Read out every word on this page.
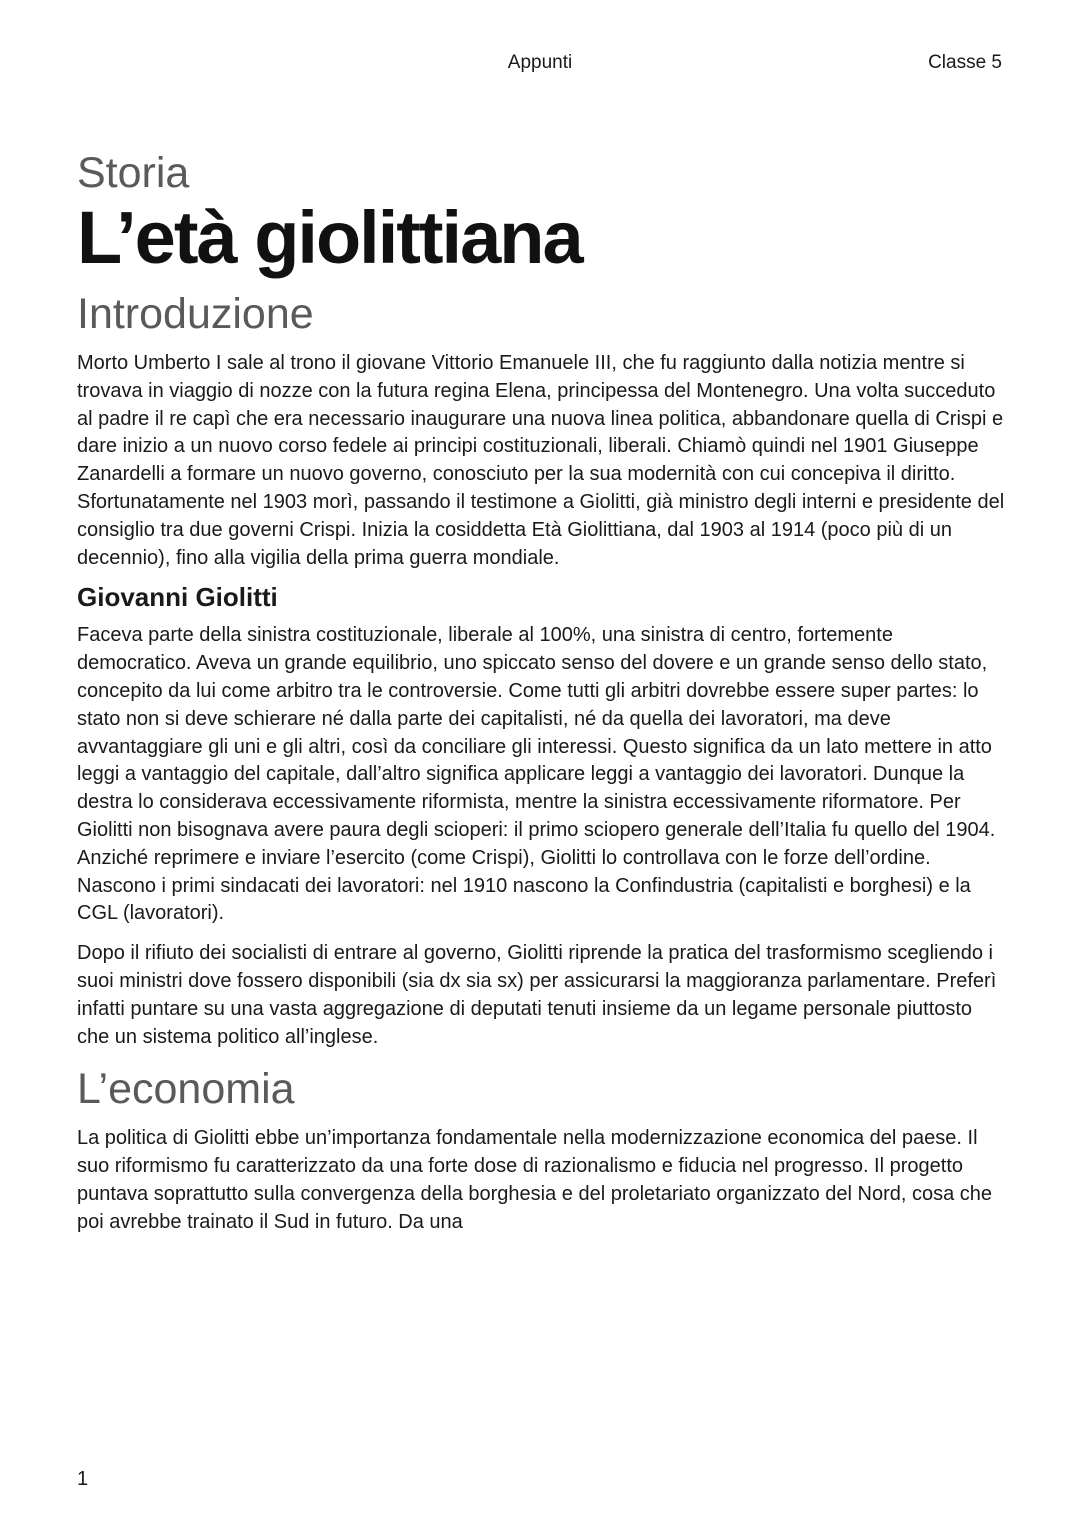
Appunti	Classe 5
Storia
L’età giolittiana
Introduzione

Morto Umberto I sale al trono il giovane Vittorio Emanuele III, che fu raggiunto dalla notizia mentre si trovava in viaggio di nozze con la futura regina Elena, principessa del Montenegro. Una volta succeduto al padre il re capì che era necessario inaugurare una nuova linea politica, abbandonare quella di Crispi e dare inizio a un nuovo corso fedele ai principi costituzionali, liberali. Chiamò quindi nel 1901 Giuseppe Zanardelli a formare un nuovo governo, conosciuto per la sua modernità con cui concepiva il diritto. Sfortunatamente nel 1903 morì, passando il testimone a Giolitti, già ministro degli interni e presidente del consiglio tra due governi Crispi. Inizia la cosiddetta Età Giolittiana, dal 1903 al 1914 (poco più di un decennio), fino alla vigilia della prima guerra mondiale.

Giovanni Giolitti

Faceva parte della sinistra costituzionale, liberale al 100%, una sinistra di centro, fortemente democratico. Aveva un grande equilibrio, uno spiccato senso del dovere e un grande senso dello stato, concepito da lui come arbitro tra le controversie. Come tutti gli arbitri dovrebbe essere super partes: lo stato non si deve schierare né dalla parte dei capitalisti, né da quella dei lavoratori, ma deve avvantaggiare gli uni e gli altri, così da conciliare gli interessi. Questo significa da un lato mettere in atto leggi a vantaggio del capitale, dall’altro significa applicare leggi a vantaggio dei lavoratori. Dunque la destra lo considerava eccessivamente riformista, mentre la sinistra eccessivamente riformatore. Per Giolitti non bisognava avere paura degli scioperi: il primo sciopero generale dell’Italia fu quello del 1904. Anziché reprimere e inviare l’esercito (come Crispi), Giolitti lo controllava con le forze dell’ordine. Nascono i primi sindacati dei lavoratori: nel 1910 nascono la Confindustria (capitalisti e borghesi) e la CGL (lavoratori).

Dopo il rifiuto dei socialisti di entrare al governo, Giolitti riprende la pratica del trasformismo scegliendo i suoi ministri dove fossero disponibili (sia dx sia sx) per assicurarsi la maggioranza parlamentare. Preferì infatti puntare su una vasta aggregazione di deputati tenuti insieme da un legame personale piuttosto che un sistema politico all’inglese.

L’economia

La politica di Giolitti ebbe un’importanza fondamentale nella modernizzazione economica del paese. Il suo riformismo fu caratterizzato da una forte dose di razionalismo e fiducia nel progresso. Il progetto puntava soprattutto sulla convergenza della borghesia e del proletariato organizzato del Nord, cosa che poi avrebbe trainato il Sud in futuro. Da una

1
